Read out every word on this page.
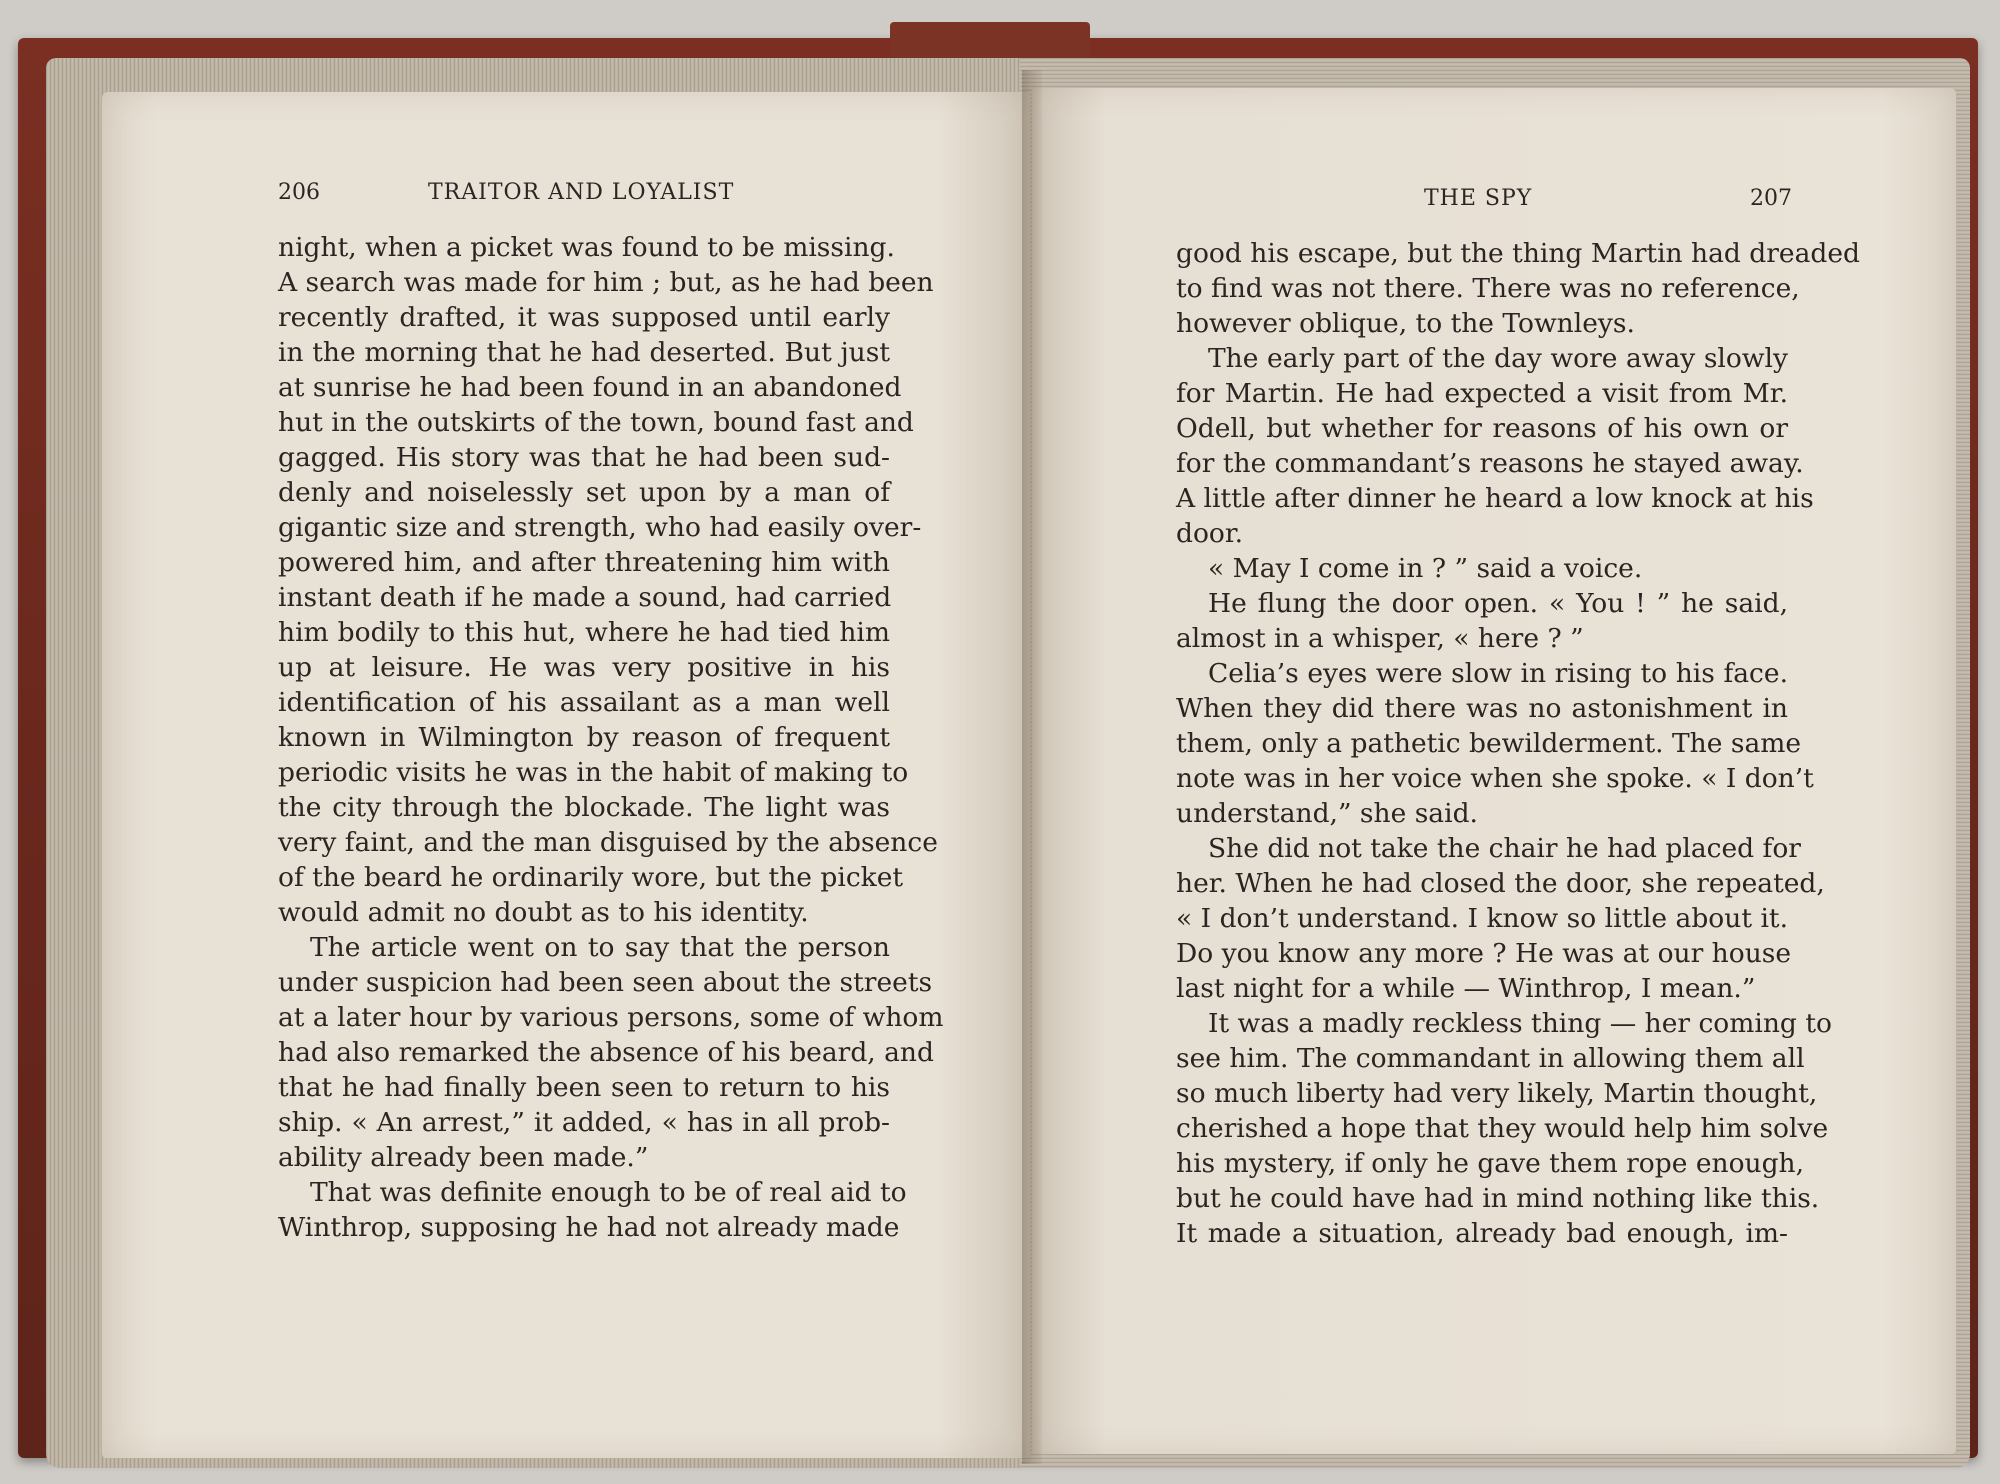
206	TRAITOR AND LOYALIST	THE SPY	207
night, when a picket was found to be missing.
A search was made for him ; but, as he had been
recently drafted, it was supposed until early
in the morning that he had deserted. But just
at sunrise he had been found in an abandoned
hut in the outskirts of the town, bound fast and
gagged. His story was that he had been sud-
denly and noiselessly set upon by a man of
gigantic size and strength, who had easily over-
powered him, and after threatening him with
instant death if he made a sound, had carried
him bodily to this hut, where he had tied him
up at leisure. He was very positive in his
identification of his assailant as a man well
known in Wilmington by reason of frequent
periodic visits he was in the habit of making to
the city through the blockade. The light was
very faint, and the man disguised by the absence
of the beard he ordinarily wore, but the picket
would admit no doubt as to his identity.
The article went on to say that the person
under suspicion had been seen about the streets
at a later hour by various persons, some of whom
had also remarked the absence of his beard, and
that he had finally been seen to return to his
ship. « An arrest,” it added, « has in all prob-
ability already been made.”
That was definite enough to be of real aid to
Winthrop, supposing he had not already made
good his escape, but the thing Martin had dreaded
to find was not there. There was no reference,
however oblique, to the Townleys.
The early part of the day wore away slowly
for Martin. He had expected a visit from Mr.
Odell, but whether for reasons of his own or
for the commandant’s reasons he stayed away.
A little after dinner he heard a low knock at his
door.
« May I come in ? ” said a voice.
He flung the door open. « You ! ” he said,
almost in a whisper, « here ? ”
Celia’s eyes were slow in rising to his face.
When they did there was no astonishment in
them, only a pathetic bewilderment. The same
note was in her voice when she spoke. « I don’t
understand,” she said.
She did not take the chair he had placed for
her. When he had closed the door, she repeated,
« I don’t understand. I know so little about it.
Do you know any more ? He was at our house
last night for a while — Winthrop, I mean.”
It was a madly reckless thing — her coming to
see him. The commandant in allowing them all
so much liberty had very likely, Martin thought,
cherished a hope that they would help him solve
his mystery, if only he gave them rope enough,
but he could have had in mind nothing like this.
It made a situation, already bad enough, im-
